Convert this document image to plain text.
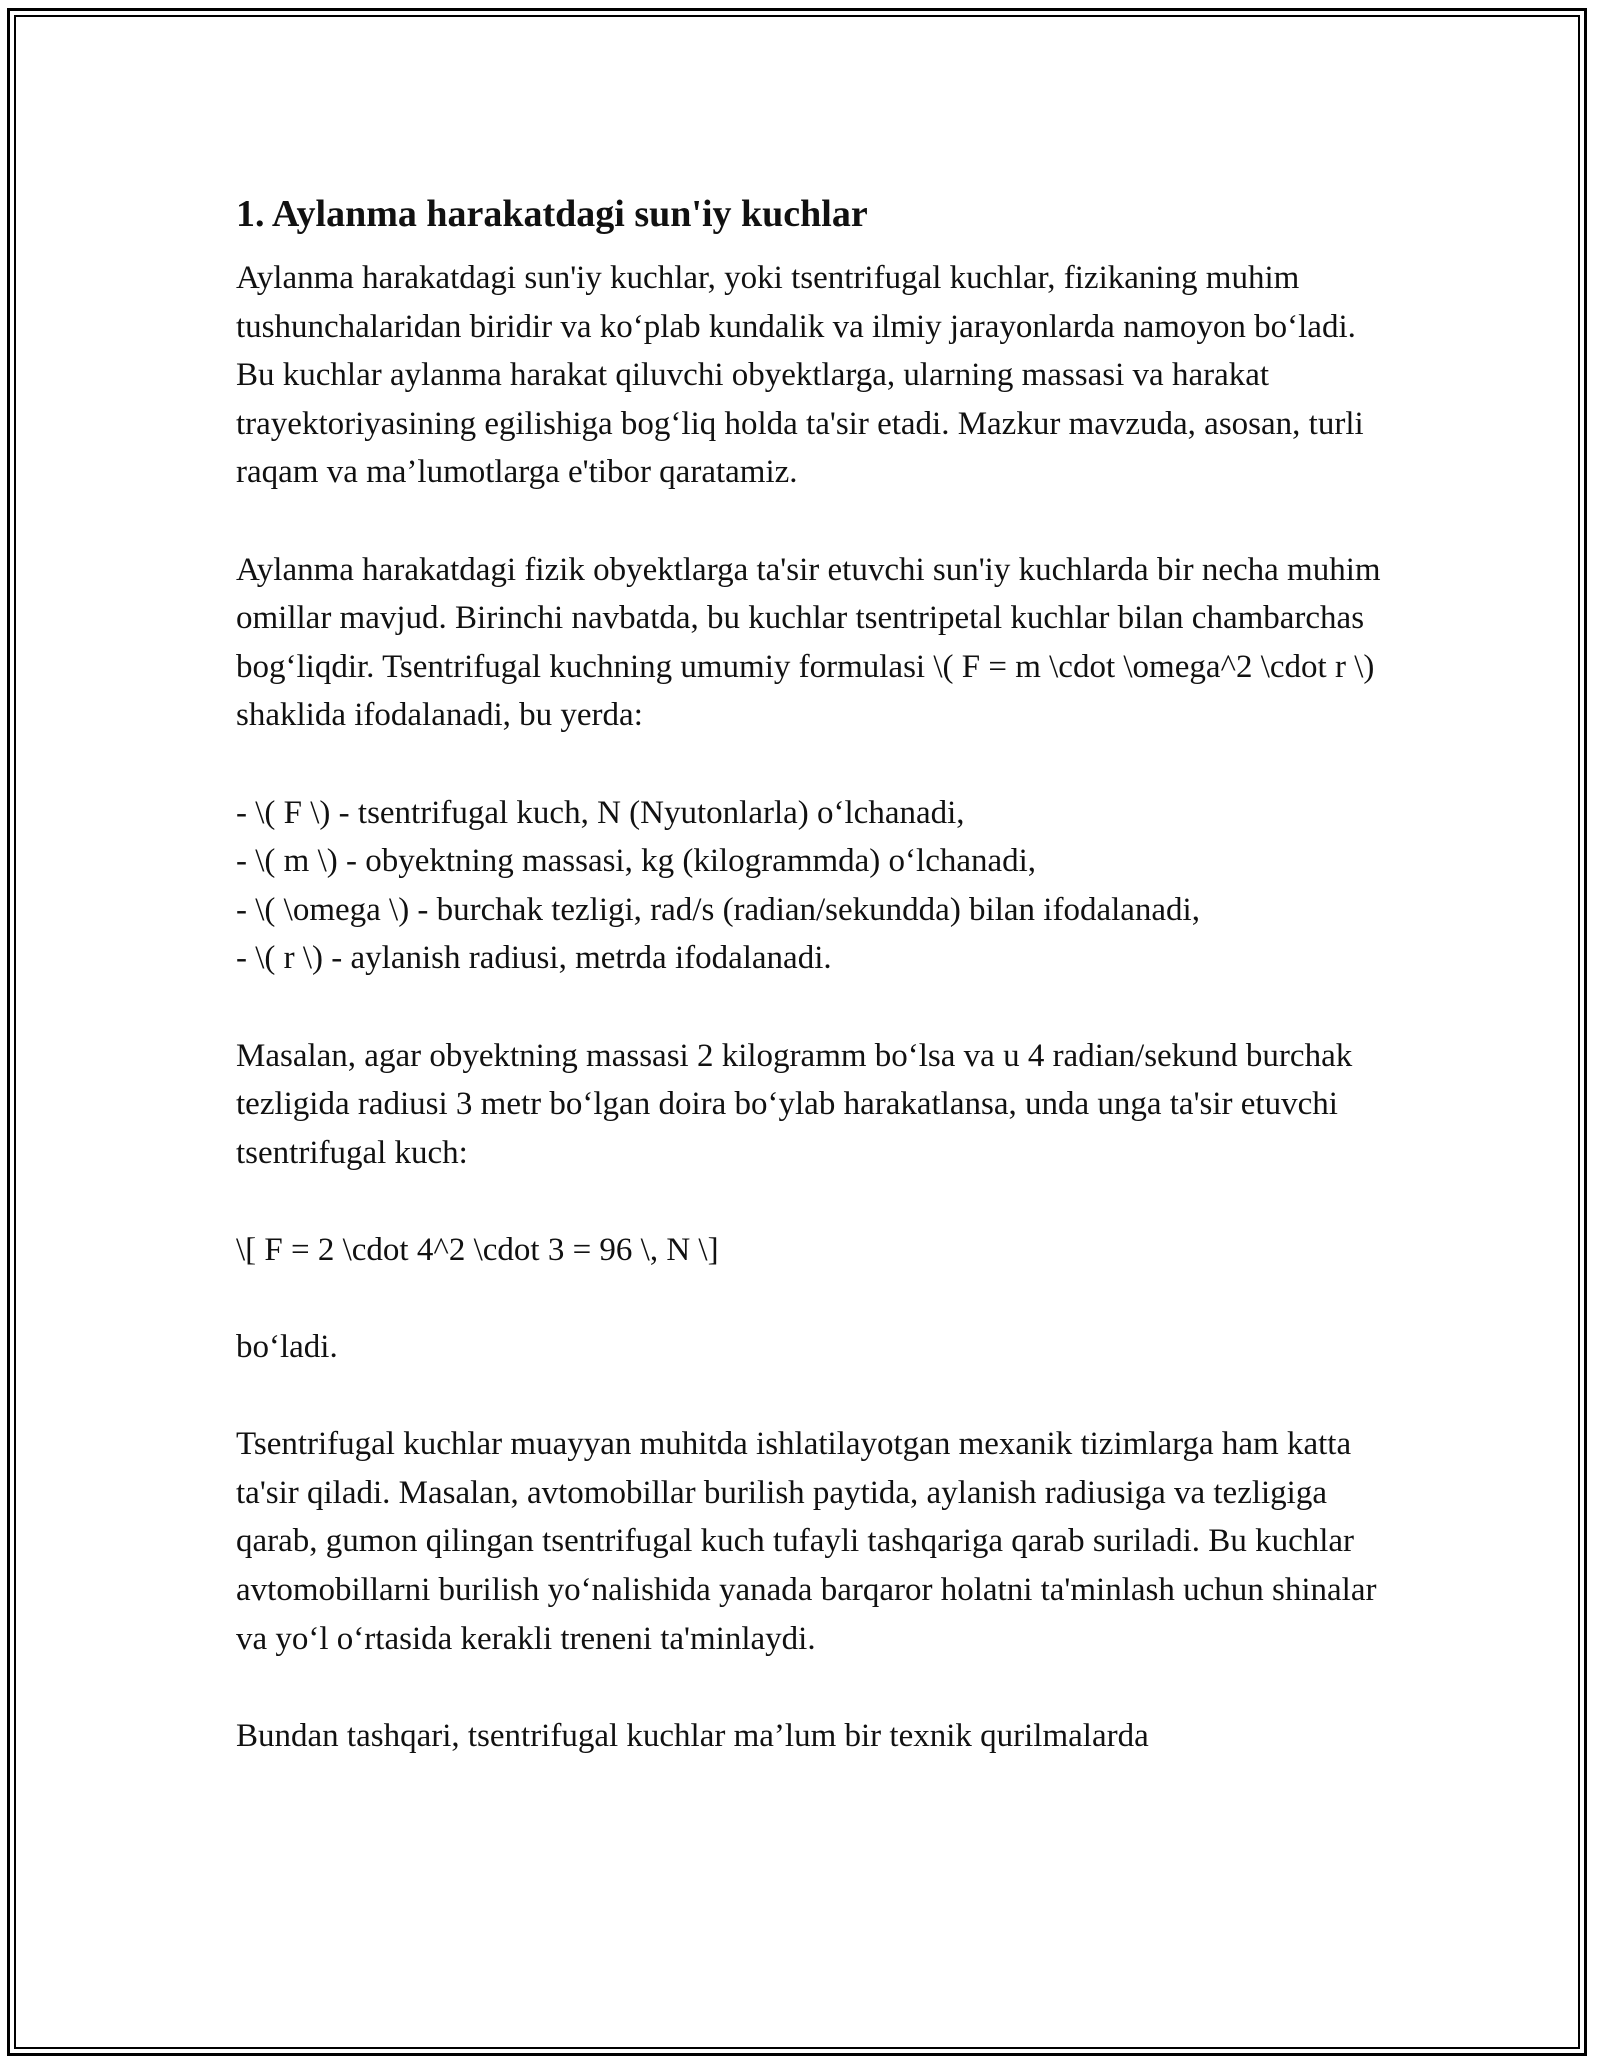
1. Aylanma harakatdagi sun'iy kuchlar

Aylanma harakatdagi sun'iy kuchlar, yoki tsentrifugal kuchlar, fizikaning muhim tushunchalaridan biridir va ko‘plab kundalik va ilmiy jarayonlarda namoyon bo‘ladi. Bu kuchlar aylanma harakat qiluvchi obyektlarga, ularning massasi va harakat trayektoriyasining egilishiga bog‘liq holda ta'sir etadi. Mazkur mavzuda, asosan, turli raqam va ma’lumotlarga e'tibor qaratamiz.

Aylanma harakatdagi fizik obyektlarga ta'sir etuvchi sun'iy kuchlarda bir necha muhim omillar mavjud. Birinchi navbatda, bu kuchlar tsentripetal kuchlar bilan chambarchas bog‘liqdir. Tsentrifugal kuchning umumiy formulasi \( F = m \cdot \omega^2 \cdot r \) shaklida ifodalanadi, bu yerda:

- \( F \) - tsentrifugal kuch, N (Nyutonlarla) o‘lchanadi,
- \( m \) - obyektning massasi, kg (kilogrammda) o‘lchanadi,
- \( \omega \) - burchak tezligi, rad/s (radian/sekundda) bilan ifodalanadi,
- \( r \) - aylanish radiusi, metrda ifodalanadi.

Masalan, agar obyektning massasi 2 kilogramm bo‘lsa va u 4 radian/sekund burchak tezligida radiusi 3 metr bo‘lgan doira bo‘ylab harakatlansa, unda unga ta'sir etuvchi tsentrifugal kuch:

\[ F = 2 \cdot 4^2 \cdot 3 = 96 \, N \]

bo‘ladi.

Tsentrifugal kuchlar muayyan muhitda ishlatilayotgan mexanik tizimlarga ham katta ta'sir qiladi. Masalan, avtomobillar burilish paytida, aylanish radiusiga va tezligiga qarab, gumon qilingan tsentrifugal kuch tufayli tashqariga qarab suriladi. Bu kuchlar avtomobillarni burilish yo‘nalishida yanada barqaror holatni ta'minlash uchun shinalar va yo‘l o‘rtasida kerakli treneni ta'minlaydi.

Bundan tashqari, tsentrifugal kuchlar ma’lum bir texnik qurilmalarda
